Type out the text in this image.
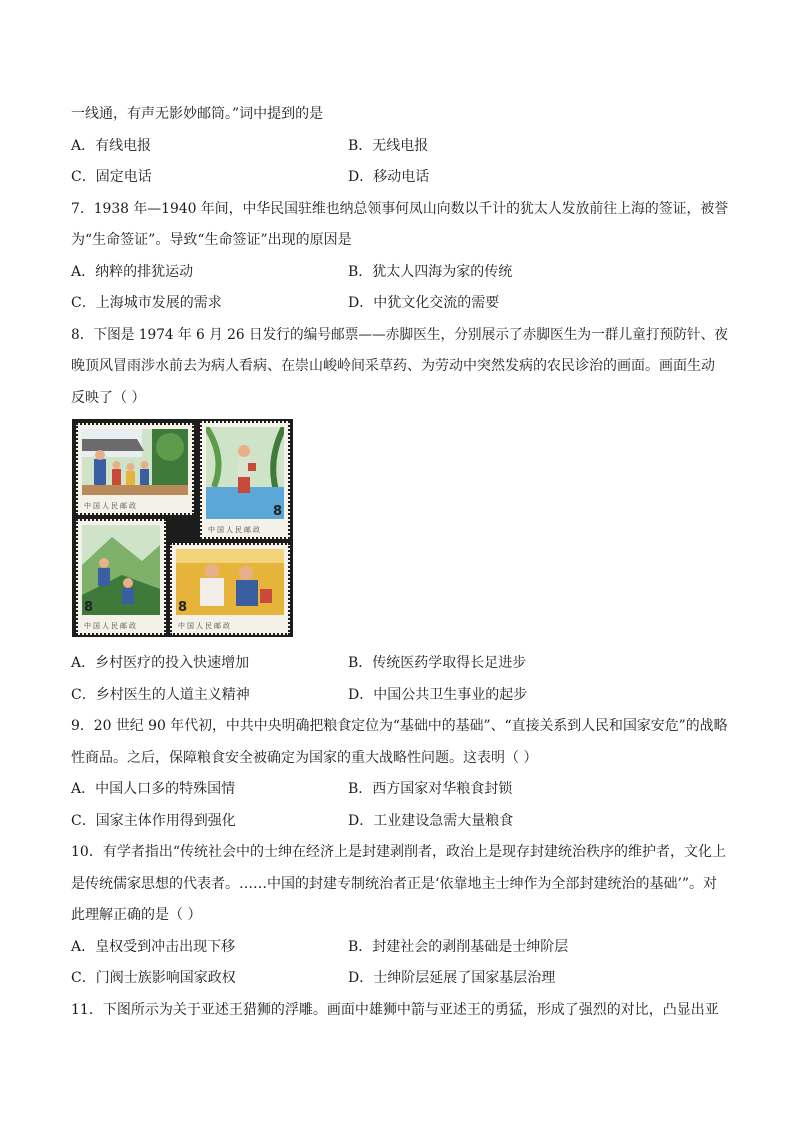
一线通，有声无影妙邮筒。”词中提到的是
A．有线电报	B．无线电报
C．固定电话	D．移动电话
7．1938 年—1940 年间，中华民国驻维也纳总领事何凤山向数以千计的犹太人发放前往上海的签证，被誉
为“生命签证”。导致“生命签证”出现的原因是
A．纳粹的排犹运动	B．犹太人四海为家的传统
C．上海城市发展的需求	D．中犹文化交流的需要
8．下图是 1974 年 6 月 26 日发行的编号邮票——赤脚医生，分别展示了赤脚医生为一群儿童打预防针、夜
晚顶风冒雨涉水前去为病人看病、在崇山峻岭间采草药、为劳动中突然发病的农民诊治的画面。画面生动
反映了（ ）
中国人民邮政	8
中国人民邮政
8
中国人民邮政
8
中国人民邮政
A．乡村医疗的投入快速增加	B．传统医药学取得长足进步
C．乡村医生的人道主义精神	D．中国公共卫生事业的起步
9．20 世纪 90 年代初，中共中央明确把粮食定位为“基础中的基础”、“直接关系到人民和国家安危”的战略
性商品。之后，保障粮食安全被确定为国家的重大战略性问题。这表明（ ）
A．中国人口多的特殊国情	B．西方国家对华粮食封锁
C．国家主体作用得到强化	D．工业建设急需大量粮食
10．有学者指出“传统社会中的士绅在经济上是封建剥削者，政治上是现存封建统治秩序的维护者，文化上
是传统儒家思想的代表者。……中国的封建专制统治者正是‘依靠地主士绅作为全部封建统治的基础’”。对
此理解正确的是（ ）
A．皇权受到冲击出现下移	B．封建社会的剥削基础是士绅阶层
C．门阀士族影响国家政权	D．士绅阶层延展了国家基层治理
11．下图所示为关于亚述王猎狮的浮雕。画面中雄狮中箭与亚述王的勇猛，形成了强烈的对比，凸显出亚
